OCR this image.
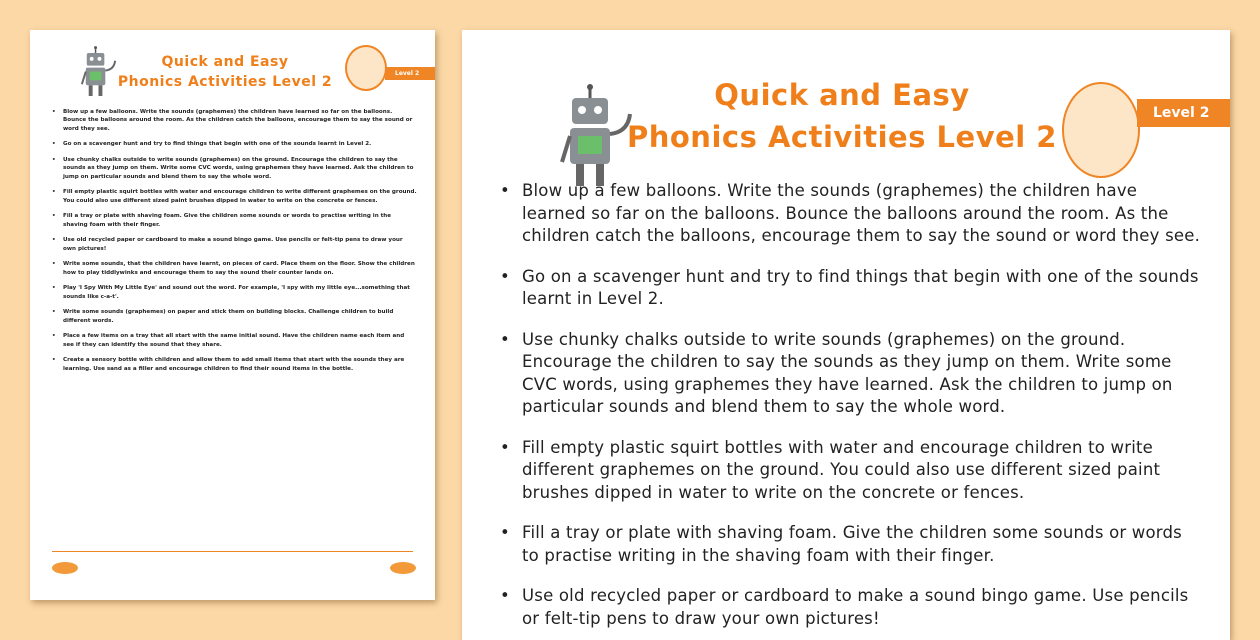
Quick and Easy
Phonics Activities Level 2
Level 2
• Blow up a few balloons. Write the sounds (graphemes) the children have learned so far on the balloons. Bounce the balloons around the room. As the children catch the balloons, encourage them to say the sound or word they see.
• Go on a scavenger hunt and try to find things that begin with one of the sounds learnt in Level 2.
• Use chunky chalks outside to write sounds (graphemes) on the ground. Encourage the children to say the sounds as they jump on them. Write some CVC words, using graphemes they have learned. Ask the children to jump on particular sounds and blend them to say the whole word.
• Fill empty plastic squirt bottles with water and encourage children to write different graphemes on the ground. You could also use different sized paint brushes dipped in water to write on the concrete or fences.
• Fill a tray or plate with shaving foam. Give the children some sounds or words to practise writing in the shaving foam with their finger.
• Use old recycled paper or cardboard to make a sound bingo game. Use pencils or felt-tip pens to draw your own pictures!
• Write some sounds, that the children have learnt, on pieces of card. Place them on the floor. Show the children how to play tiddlywinks and encourage them to say the sound their counter lands on.
• Play 'I Spy With My Little Eye' and sound out the word. For example, 'I spy with my little eye...something that sounds like c-a-t'.
• Write some sounds (graphemes) on paper and stick them on building blocks. Challenge children to build different words.
• Place a few items on a tray that all start with the same initial sound. Have the children name each item and see if they can identify the sound that they share.
• Create a sensory bottle with children and allow them to add small items that start with the sounds they are learning. Use sand as a filler and encourage children to find their sound items in the bottle.
Quick and Easy
Phonics Activities Level 2
Level 2
• Blow up a few balloons. Write the sounds (graphemes) the children have learned so far on the balloons. Bounce the balloons around the room. As the children catch the balloons, encourage them to say the sound or word they see.
• Go on a scavenger hunt and try to find things that begin with one of the sounds learnt in Level 2.
• Use chunky chalks outside to write sounds (graphemes) on the ground. Encourage the children to say the sounds as they jump on them. Write some CVC words, using graphemes they have learned. Ask the children to jump on particular sounds and blend them to say the whole word.
• Fill empty plastic squirt bottles with water and encourage children to write different graphemes on the ground. You could also use different sized paint brushes dipped in water to write on the concrete or fences.
• Fill a tray or plate with shaving foam. Give the children some sounds or words to practise writing in the shaving foam with their finger.
• Use old recycled paper or cardboard to make a sound bingo game. Use pencils or felt-tip pens to draw your own pictures!
